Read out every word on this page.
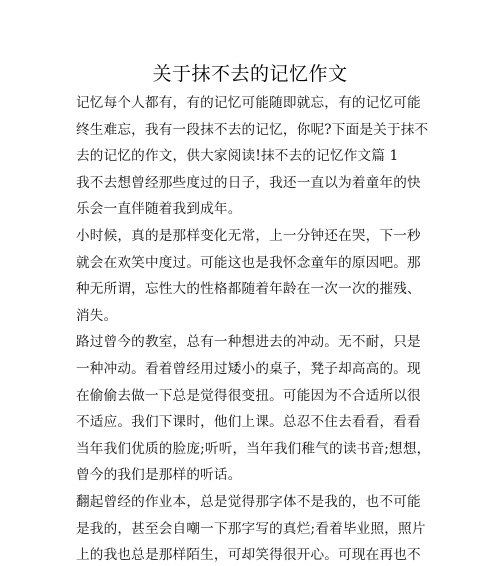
关于抹不去的记忆作文
记忆每个人都有，有的记忆可能随即就忘，有的记忆可能
终生难忘，我有一段抹不去的记忆，你呢?下面是关于抹不
去的记忆的作文，供大家阅读!抹不去的记忆作文篇 1
我不去想曾经那些度过的日子，我还一直以为着童年的快
乐会一直伴随着我到成年。
小时候，真的是那样变化无常，上一分钟还在哭，下一秒
就会在欢笑中度过。可能这也是我怀念童年的原因吧。那
种无所谓，忘性大的性格都随着年龄在一次一次的摧残、
消失。
路过曾今的教室，总有一种想进去的冲动。无不耐，只是
一种冲动。看着曾经用过矮小的桌子，凳子却高高的。现
在偷偷去做一下总是觉得很变扭。可能因为不合适所以很
不适应。我们下课时，他们上课。总忍不住去看看，看看
当年我们优质的脸庞;听听，当年我们稚气的读书音;想想，
曾今的我们是那样的听话。
翻起曾经的作业本，总是觉得那字体不是我的，也不可能
是我的，甚至会自嘲一下那字写的真烂;看着毕业照，照片
上的我也总是那样陌生，可却笑得很开心。可现在再也不
